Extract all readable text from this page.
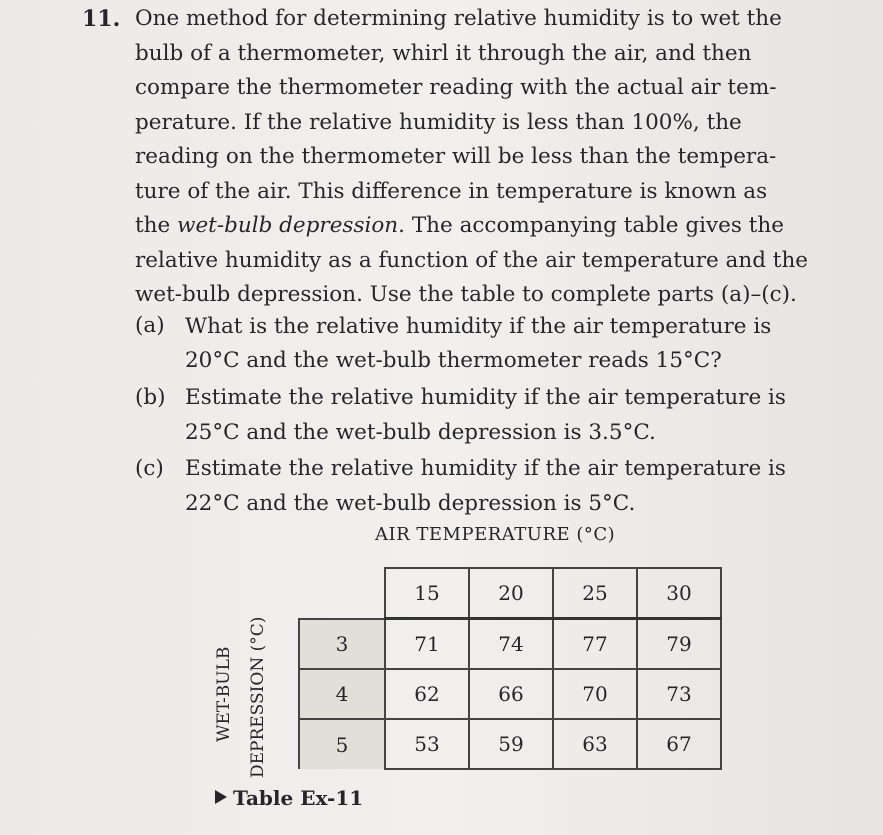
11. One method for determining relative humidity is to wet the
bulb of a thermometer, whirl it through the air, and then
compare the thermometer reading with the actual air tem-
perature. If the relative humidity is less than 100%, the
reading on the thermometer will be less than the tempera-
ture of the air. This difference in temperature is known as
the wet-bulb depression. The accompanying table gives the
relative humidity as a function of the air temperature and the
wet-bulb depression. Use the table to complete parts (a)–(c).
(a) What is the relative humidity if the air temperature is
20°C and the wet-bulb thermometer reads 15°C?
(b) Estimate the relative humidity if the air temperature is
25°C and the wet-bulb depression is 3.5°C.
(c) Estimate the relative humidity if the air temperature is
22°C and the wet-bulb depression is 5°C.
AIR TEMPERATURE (°C)
WET-BULB DEPRESSION (°C)
	15	20	25	30
3	71	74	77	79
4	62	66	70	73
5	53	59	63	67
Table Ex-11
